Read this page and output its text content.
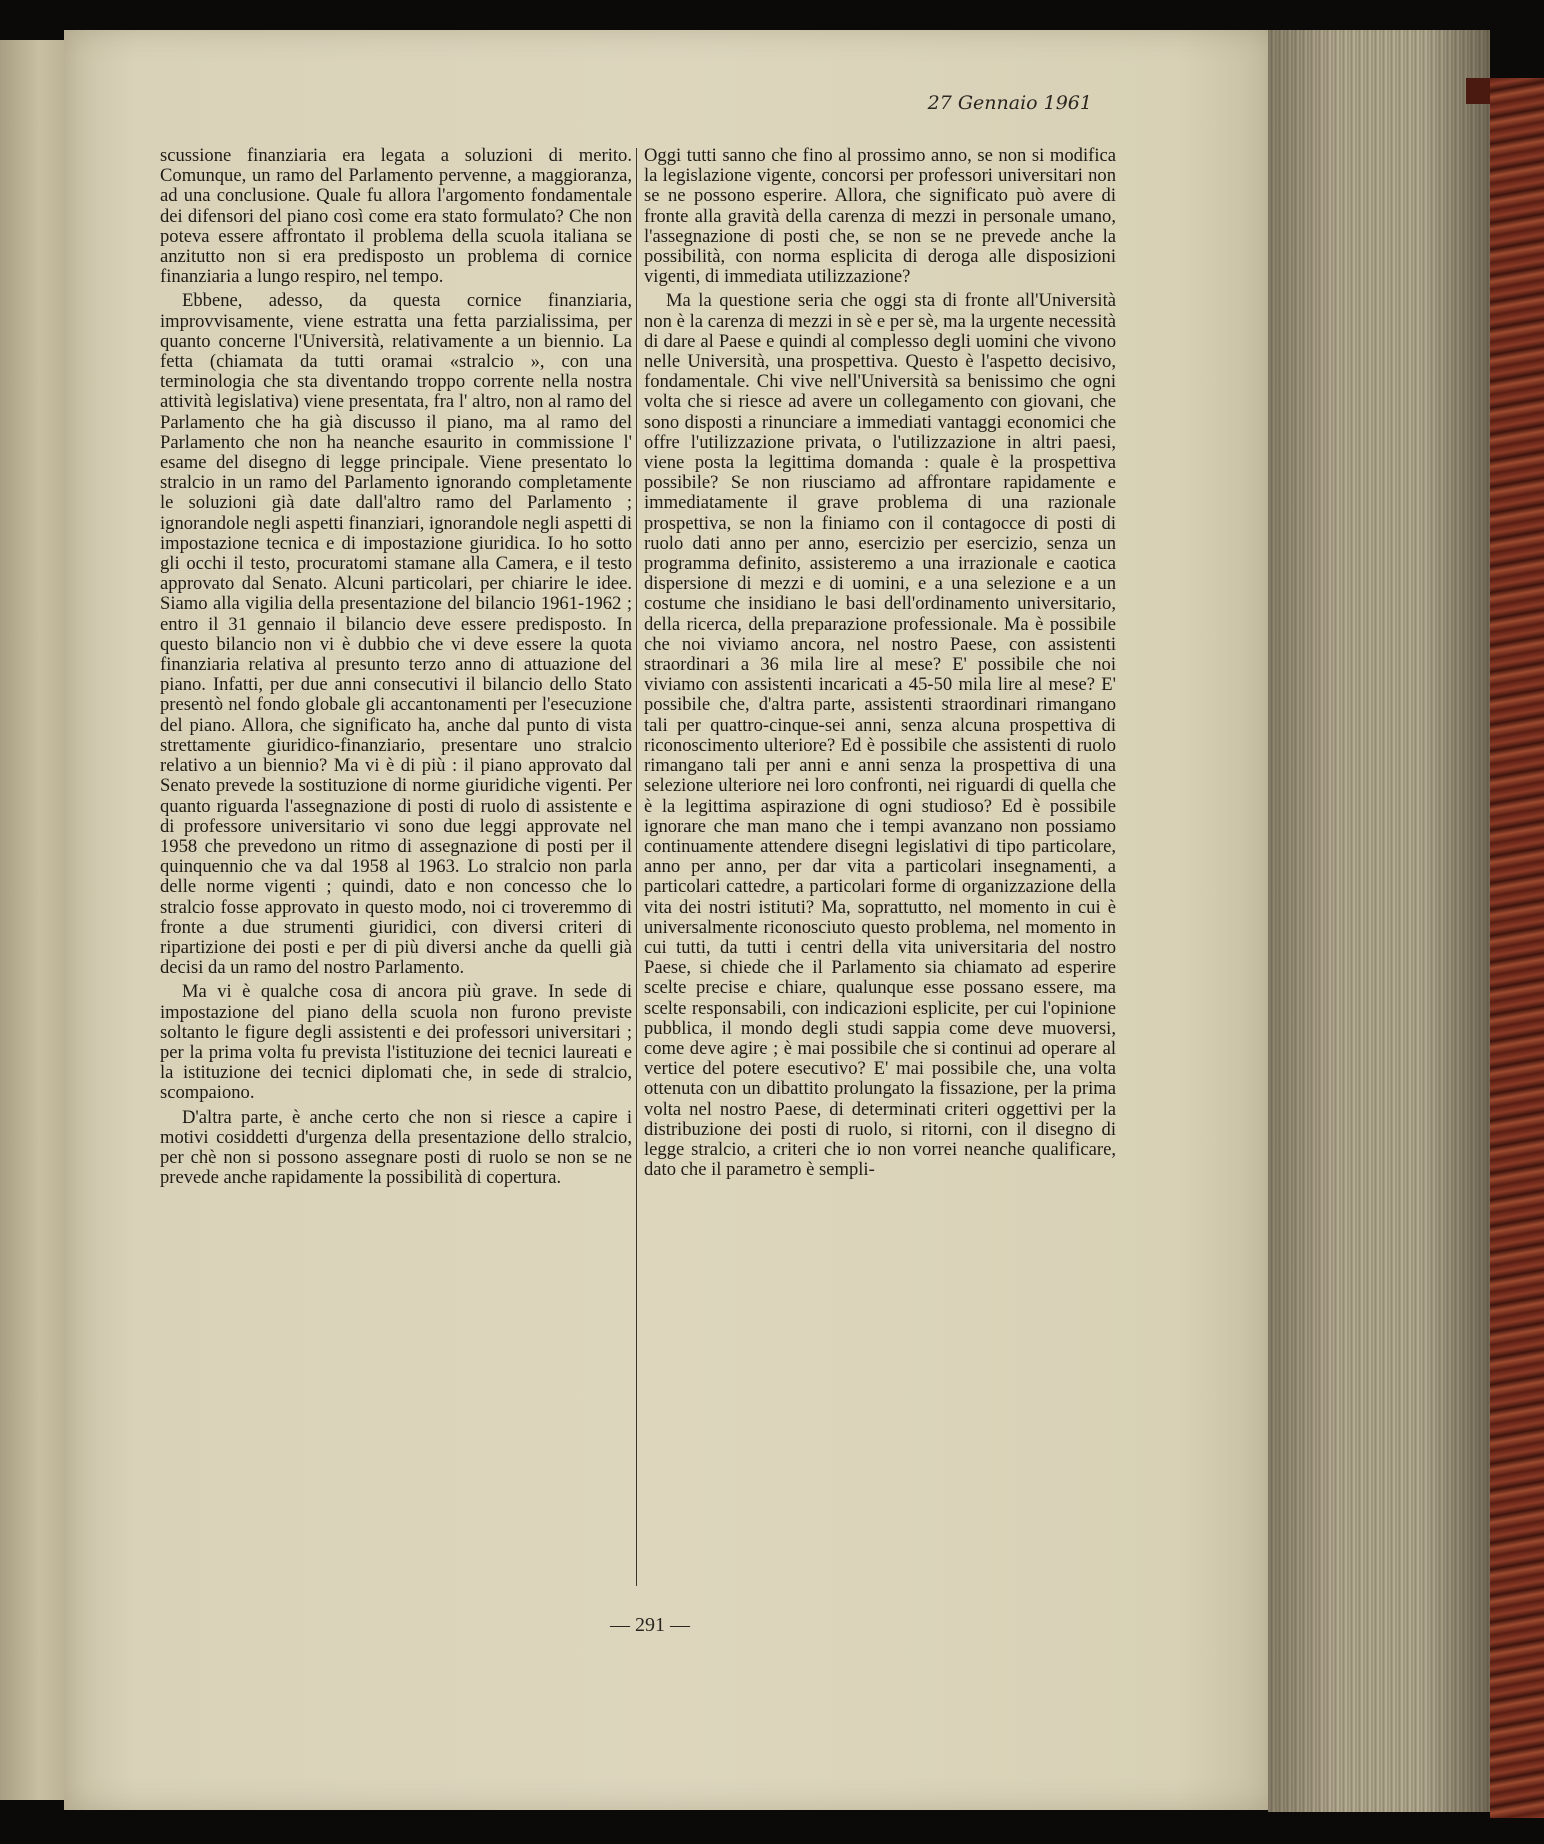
27 Gennaio 1961

scussione finanziaria era legata a soluzioni di merito. Comunque, un ramo del Parlamento pervenne, a maggioranza, ad una conclusione. Quale fu allora l'argomento fondamentale dei difensori del piano così come era stato formulato? Che non poteva essere affrontato il problema della scuola italiana se anzitutto non si era predisposto un problema di cornice finanziaria a lungo respiro, nel tempo.

Ebbene, adesso, da questa cornice finanziaria, improvvisamente, viene estratta una fetta parzialissima, per quanto concerne l'Università, relativamente a un biennio. La fetta (chiamata da tutti oramai «stralcio », con una terminologia che sta diventando troppo corrente nella nostra attività legislativa) viene presentata, fra l' altro, non al ramo del Parlamento che ha già discusso il piano, ma al ramo del Parlamento che non ha neanche esaurito in commissione l' esame del disegno di legge principale. Viene presentato lo stralcio in un ramo del Parlamento ignorando completamente le soluzioni già date dall'altro ramo del Parlamento ; ignorandole negli aspetti finanziari, ignorandole negli aspetti di impostazione tecnica e di impostazione giuridica. Io ho sotto gli occhi il testo, procuratomi stamane alla Camera, e il testo approvato dal Senato. Alcuni particolari, per chiarire le idee. Siamo alla vigilia della presentazione del bilancio 1961-1962 ; entro il 31 gennaio il bilancio deve essere predisposto. In questo bilancio non vi è dubbio che vi deve essere la quota finanziaria relativa al presunto terzo anno di attuazione del piano. Infatti, per due anni consecutivi il bilancio dello Stato presentò nel fondo globale gli accantonamenti per l'esecuzione del piano. Allora, che significato ha, anche dal punto di vista strettamente giuridico-finanziario, presentare uno stralcio relativo a un biennio? Ma vi è di più : il piano approvato dal Senato prevede la sostituzione di norme giuridiche vigenti. Per quanto riguarda l'assegnazione di posti di ruolo di assistente e di professore universitario vi sono due leggi approvate nel 1958 che prevedono un ritmo di assegnazione di posti per il quinquennio che va dal 1958 al 1963. Lo stralcio non parla delle norme vigenti ; quindi, dato e non concesso che lo stralcio fosse approvato in questo modo, noi ci troveremmo di fronte a due strumenti giuridici, con diversi criteri di ripartizione dei posti e per di più diversi anche da quelli già decisi da un ramo del nostro Parlamento.

Ma vi è qualche cosa di ancora più grave. In sede di impostazione del piano della scuola non furono previste soltanto le figure degli assistenti e dei professori universitari ; per la prima volta fu prevista l'istituzione dei tecnici laureati e la istituzione dei tecnici diplomati che, in sede di stralcio, scompaiono.

D'altra parte, è anche certo che non si riesce a capire i motivi cosiddetti d'urgenza della presentazione dello stralcio, per chè non si possono assegnare posti di ruolo se non se ne prevede anche rapidamente la possibilità di copertura.

Oggi tutti sanno che fino al prossimo anno, se non si modifica la legislazione vigente, concorsi per professori universitari non se ne possono esperire. Allora, che significato può avere di fronte alla gravità della carenza di mezzi in personale umano, l'assegnazione di posti che, se non se ne prevede anche la possibilità, con norma esplicita di deroga alle disposizioni vigenti, di immediata utilizzazione?

Ma la questione seria che oggi sta di fronte all'Università non è la carenza di mezzi in sè e per sè, ma la urgente necessità di dare al Paese e quindi al complesso degli uomini che vivono nelle Università, una prospettiva. Questo è l'aspetto decisivo, fondamentale. Chi vive nell'Università sa benissimo che ogni volta che si riesce ad avere un collegamento con giovani, che sono disposti a rinunciare a immediati vantaggi economici che offre l'utilizzazione privata, o l'utilizzazione in altri paesi, viene posta la legittima domanda : quale è la prospettiva possibile? Se non riusciamo ad affrontare rapidamente e immediatamente il grave problema di una razionale prospettiva, se non la finiamo con il contagocce di posti di ruolo dati anno per anno, esercizio per esercizio, senza un programma definito, assisteremo a una irrazionale e caotica dispersione di mezzi e di uomini, e a una selezione e a un costume che insidiano le basi dell'ordinamento universitario, della ricerca, della preparazione professionale. Ma è possibile che noi viviamo ancora, nel nostro Paese, con assistenti straordinari a 36 mila lire al mese? E' possibile che noi viviamo con assistenti incaricati a 45-50 mila lire al mese? E' possibile che, d'altra parte, assistenti straordinari rimangano tali per quattro-cinque-sei anni, senza alcuna prospettiva di riconoscimento ulteriore? Ed è possibile che assistenti di ruolo rimangano tali per anni e anni senza la prospettiva di una selezione ulteriore nei loro confronti, nei riguardi di quella che è la legittima aspirazione di ogni studioso? Ed è possibile ignorare che man mano che i tempi avanzano non possiamo continuamente attendere disegni legislativi di tipo particolare, anno per anno, per dar vita a particolari insegnamenti, a particolari cattedre, a particolari forme di organizzazione della vita dei nostri istituti? Ma, soprattutto, nel momento in cui è universalmente riconosciuto questo problema, nel momento in cui tutti, da tutti i centri della vita universitaria del nostro Paese, si chiede che il Parlamento sia chiamato ad esperire scelte precise e chiare, qualunque esse possano essere, ma scelte responsabili, con indicazioni esplicite, per cui l'opinione pubblica, il mondo degli studi sappia come deve muoversi, come deve agire ; è mai possibile che si continui ad operare al vertice del potere esecutivo? E' mai possibile che, una volta ottenuta con un dibattito prolungato la fissazione, per la prima volta nel nostro Paese, di determinati criteri oggettivi per la distribuzione dei posti di ruolo, si ritorni, con il disegno di legge stralcio, a criteri che io non vorrei neanche qualificare, dato che il parametro è sempli-

— 291 —
